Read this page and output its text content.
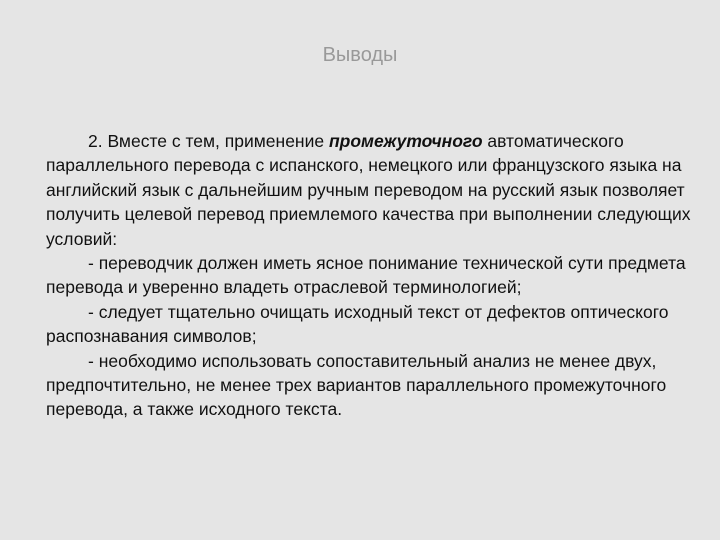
Выводы

2. Вместе с тем, применение промежуточного автоматического параллельного перевода с испанского, немецкого или французского языка на английский язык с дальнейшим ручным переводом на русский язык позволяет получить целевой перевод приемлемого качества при выполнении следующих условий:

- переводчик должен иметь ясное понимание технической сути предмета перевода и уверенно владеть отраслевой терминологией;

- следует тщательно очищать исходный текст от дефектов оптического распознавания символов;

- необходимо использовать сопоставительный анализ не менее двух, предпочтительно, не менее трех вариантов параллельного промежуточного перевода, а также исходного текста.
